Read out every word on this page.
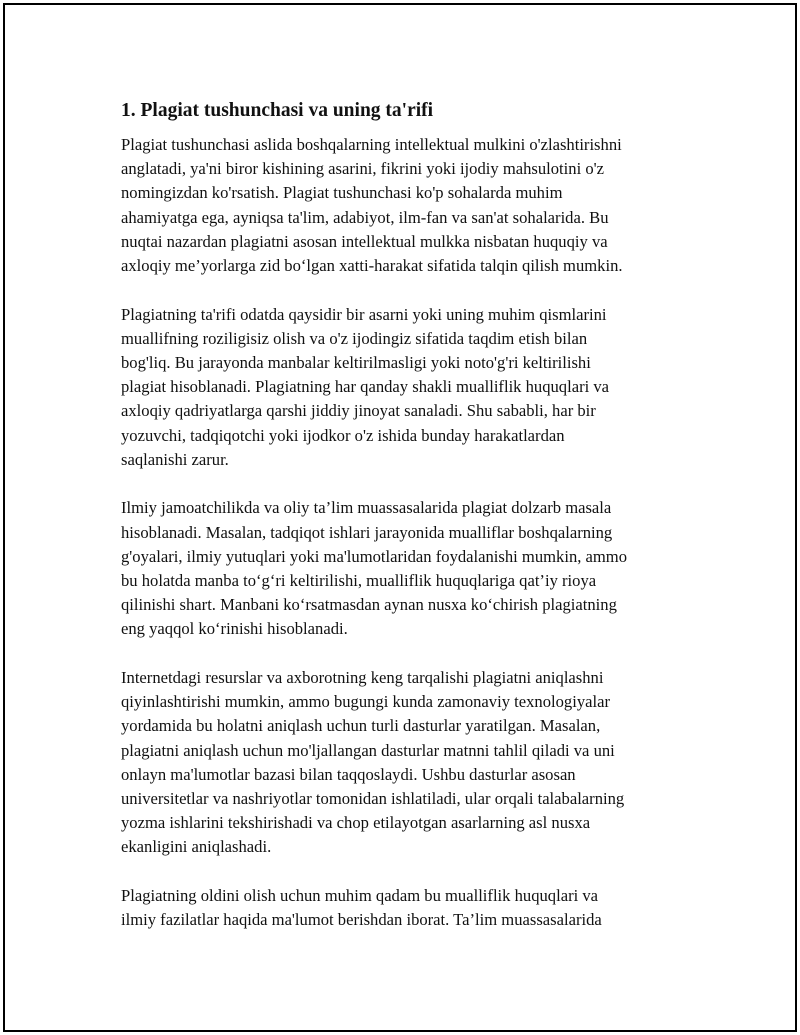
1. Plagiat tushunchasi va uning ta'rifi

Plagiat tushunchasi aslida boshqalarning intellektual mulkini o'zlashtirishni
anglatadi, ya'ni biror kishining asarini, fikrini yoki ijodiy mahsulotini o'z
nomingizdan ko'rsatish. Plagiat tushunchasi ko'p sohalarda muhim
ahamiyatga ega, ayniqsa ta'lim, adabiyot, ilm-fan va san'at sohalarida. Bu
nuqtai nazardan plagiatni asosan intellektual mulkka nisbatan huquqiy va
axloqiy me’yorlarga zid boʻlgan xatti-harakat sifatida talqin qilish mumkin.

Plagiatning ta'rifi odatda qaysidir bir asarni yoki uning muhim qismlarini
muallifning roziligisiz olish va o'z ijodingiz sifatida taqdim etish bilan
bog'liq. Bu jarayonda manbalar keltirilmasligi yoki noto'g'ri keltirilishi
plagiat hisoblanadi. Plagiatning har qanday shakli mualliflik huquqlari va
axloqiy qadriyatlarga qarshi jiddiy jinoyat sanaladi. Shu sababli, har bir
yozuvchi, tadqiqotchi yoki ijodkor o'z ishida bunday harakatlardan
saqlanishi zarur.

Ilmiy jamoatchilikda va oliy ta’lim muassasalarida plagiat dolzarb masala
hisoblanadi. Masalan, tadqiqot ishlari jarayonida mualliflar boshqalarning
g'oyalari, ilmiy yutuqlari yoki ma'lumotlaridan foydalanishi mumkin, ammo
bu holatda manba toʻgʻri keltirilishi, mualliflik huquqlariga qat’iy rioya
qilinishi shart. Manbani koʻrsatmasdan aynan nusxa koʻchirish plagiatning
eng yaqqol koʻrinishi hisoblanadi.

Internetdagi resurslar va axborotning keng tarqalishi plagiatni aniqlashni
qiyinlashtirishi mumkin, ammo bugungi kunda zamonaviy texnologiyalar
yordamida bu holatni aniqlash uchun turli dasturlar yaratilgan. Masalan,
plagiatni aniqlash uchun mo'ljallangan dasturlar matnni tahlil qiladi va uni
onlayn ma'lumotlar bazasi bilan taqqoslaydi. Ushbu dasturlar asosan
universitetlar va nashriyotlar tomonidan ishlatiladi, ular orqali talabalarning
yozma ishlarini tekshirishadi va chop etilayotgan asarlarning asl nusxa
ekanligini aniqlashadi.

Plagiatning oldini olish uchun muhim qadam bu mualliflik huquqlari va
ilmiy fazilatlar haqida ma'lumot berishdan iborat. Ta’lim muassasalarida
